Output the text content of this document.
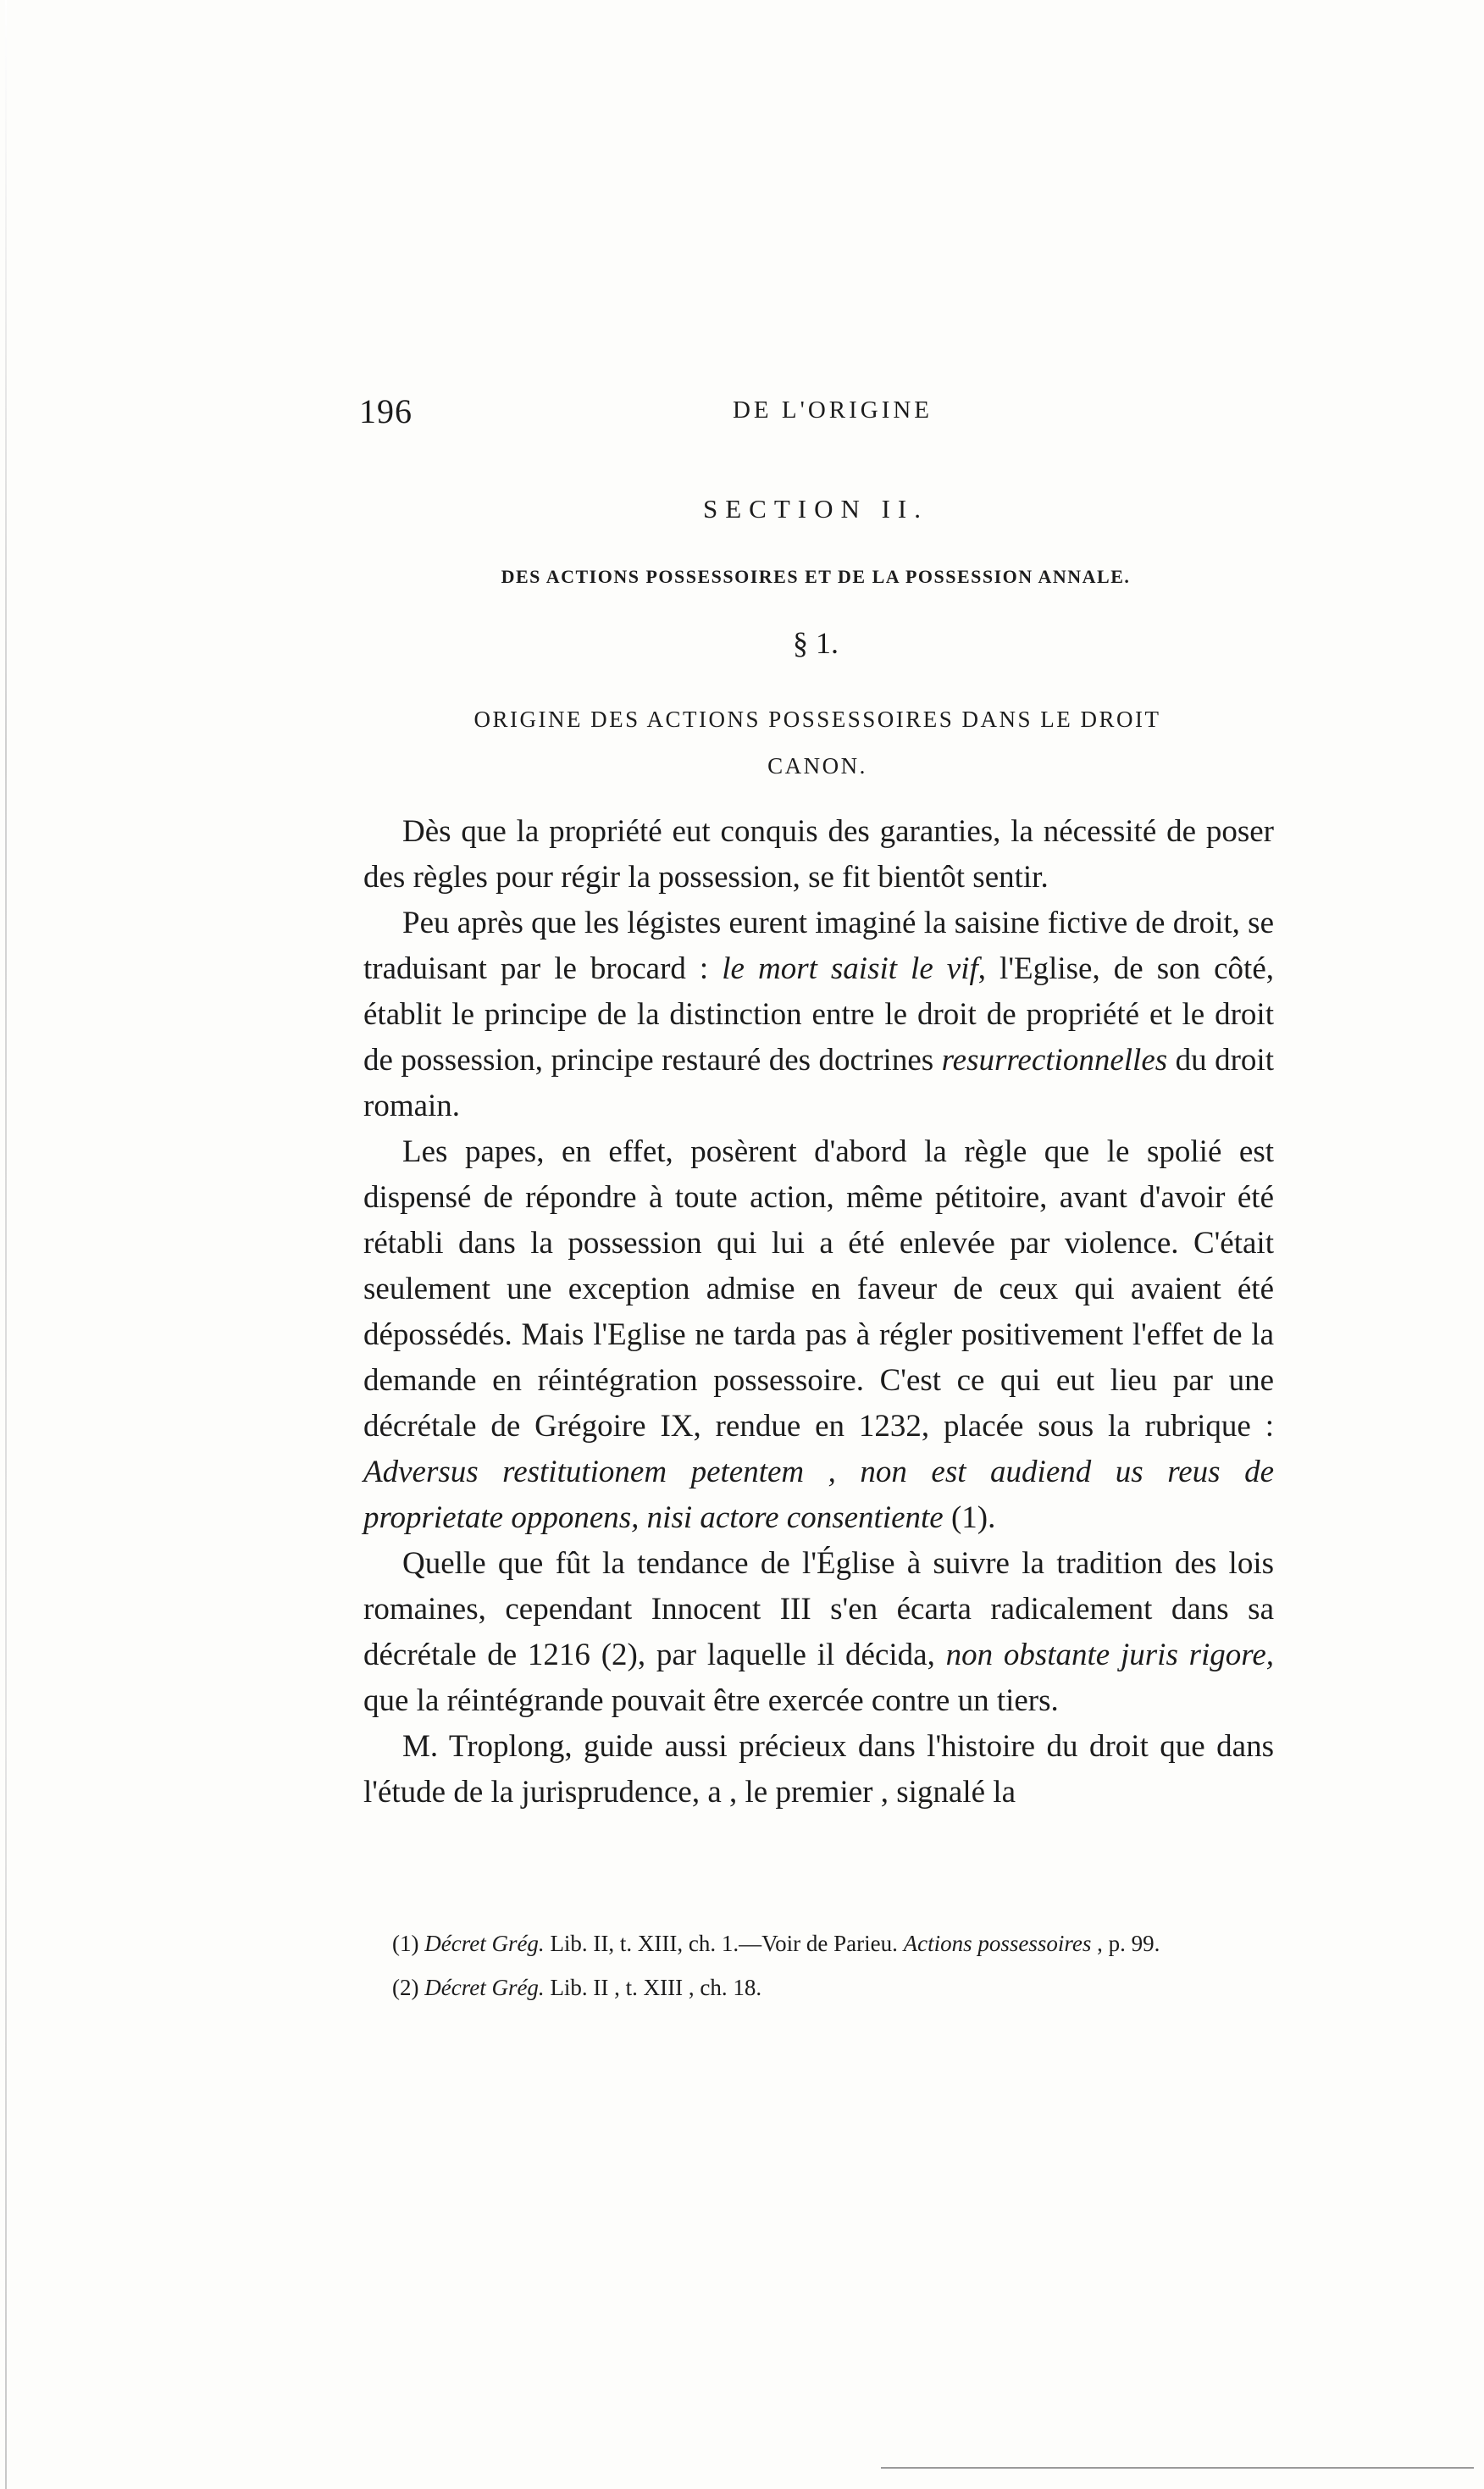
196	DE L'ORIGINE
SECTION II.
DES ACTIONS POSSESSOIRES ET DE LA POSSESSION ANNALE.
§ 1.
ORIGINE DES ACTIONS POSSESSOIRES DANS LE DROIT
CANON.

Dès que la propriété eut conquis des garanties, la nécessité de poser des règles pour régir la possession, se fit bientôt sentir.

Peu après que les légistes eurent imaginé la saisine fictive de droit, se traduisant par le brocard : le mort saisit le vif, l'Eglise, de son côté, établit le principe de la distinction entre le droit de propriété et le droit de possession, principe restauré des doctrines resurrectionnelles du droit romain.

Les papes, en effet, posèrent d'abord la règle que le spolié est dispensé de répondre à toute action, même pétitoire, avant d'avoir été rétabli dans la possession qui lui a été enlevée par violence. C'était seulement une exception admise en faveur de ceux qui avaient été dépossédés. Mais l'Eglise ne tarda pas à régler positivement l'effet de la demande en réintégration possessoire. C'est ce qui eut lieu par une décrétale de Grégoire IX, rendue en 1232, placée sous la rubrique : Adversus restitutionem petentem , non est audiend us reus de proprietate opponens, nisi actore consentiente (1).

Quelle que fût la tendance de l'Église à suivre la tradition des lois romaines, cependant Innocent III s'en écarta radicalement dans sa décrétale de 1216 (2), par laquelle il décida, non obstante juris rigore, que la réintégrande pouvait être exercée contre un tiers.

M. Troplong, guide aussi précieux dans l'histoire du droit que dans l'étude de la jurisprudence, a , le premier , signalé la

(1) Décret Grég. Lib. II, t. XIII, ch. 1.—Voir de Parieu. Actions possessoires , p. 99.

(2) Décret Grég. Lib. II , t. XIII , ch. 18.
